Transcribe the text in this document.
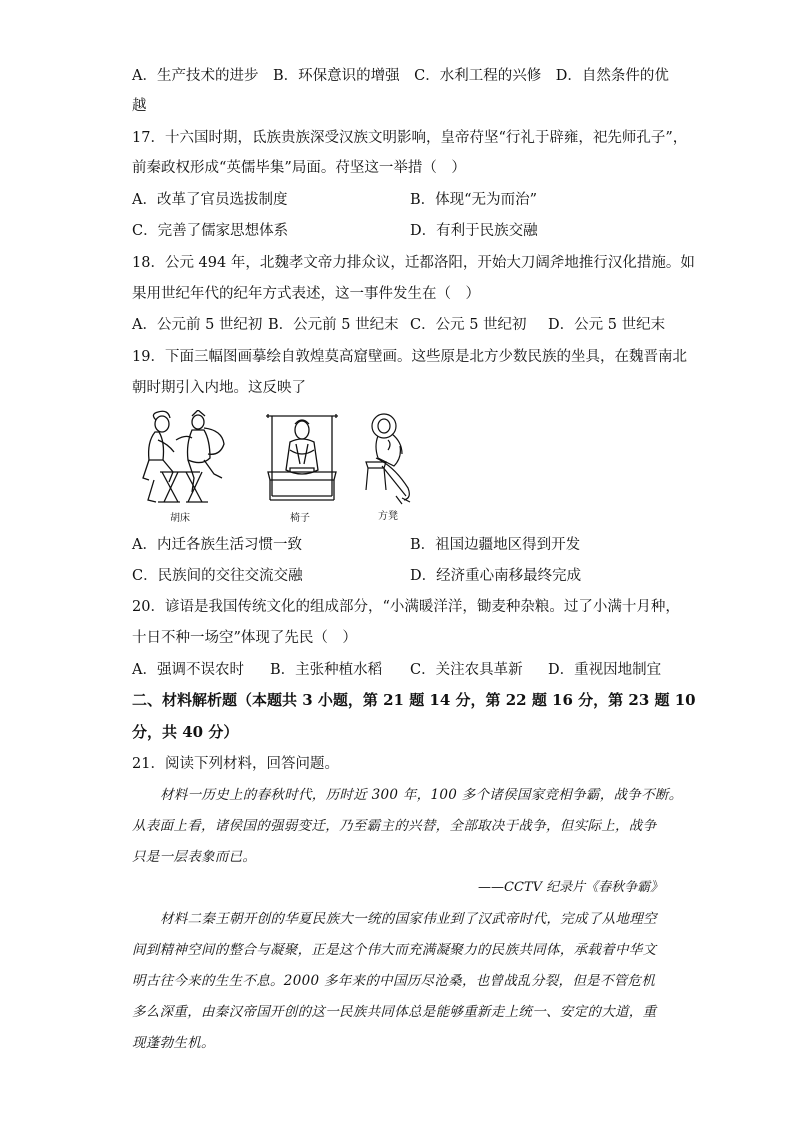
A．生产技术的进步　B．环保意识的增强　C．水利工程的兴修　D．自然条件的优
越
17．十六国时期，氐族贵族深受汉族文明影响，皇帝苻坚“行礼于辟雍，祀先师孔子”，
前秦政权形成“英儒毕集”局面。苻坚这一举措（　）
A．改革了官员选拔制度	B．体现“无为而治”
C．完善了儒家思想体系	D．有利于民族交融
18．公元 494 年，北魏孝文帝力排众议，迁都洛阳，开始大刀阔斧地推行汉化措施。如
果用世纪年代的纪年方式表述，这一事件发生在（　）
A．公元前 5 世纪初 B．公元前 5 世纪末 C．公元 5 世纪初 D．公元 5 世纪末
19．下面三幅图画摹绘自敦煌莫高窟壁画。这些原是北方少数民族的坐具，在魏晋南北
朝时期引入内地。这反映了
胡床	椅子	方凳
A．内迁各族生活习惯一致	B．祖国边疆地区得到开发
C．民族间的交往交流交融	D．经济重心南移最终完成
20．谚语是我国传统文化的组成部分，“小满暖洋洋，锄麦种杂粮。过了小满十月种，
十日不种一场空”体现了先民（　）
A．强调不误农时 B．主张种植水稻 C．关注农具革新 D．重视因地制宜
二、材料解析题（本题共 3 小题，第 21 题 14 分，第 22 题 16 分，第 23 题 10
分，共 40 分）
21．阅读下列材料，回答问题。
材料一历史上的春秋时代，历时近 300 年，100 多个诸侯国家竞相争霸，战争不断。
从表面上看，诸侯国的强弱变迁，乃至霸主的兴替，全部取决于战争，但实际上，战争
只是一层表象而已。
——CCTV 纪录片《春秋争霸》
材料二秦王朝开创的华夏民族大一统的国家伟业到了汉武帝时代，完成了从地理空
间到精神空间的整合与凝聚，正是这个伟大而充满凝聚力的民族共同体，承载着中华文
明古往今来的生生不息。2000 多年来的中国历尽沧桑，也曾战乱分裂，但是不管危机
多么深重，由秦汉帝国开创的这一民族共同体总是能够重新走上统一、安定的大道，重
现蓬勃生机。
